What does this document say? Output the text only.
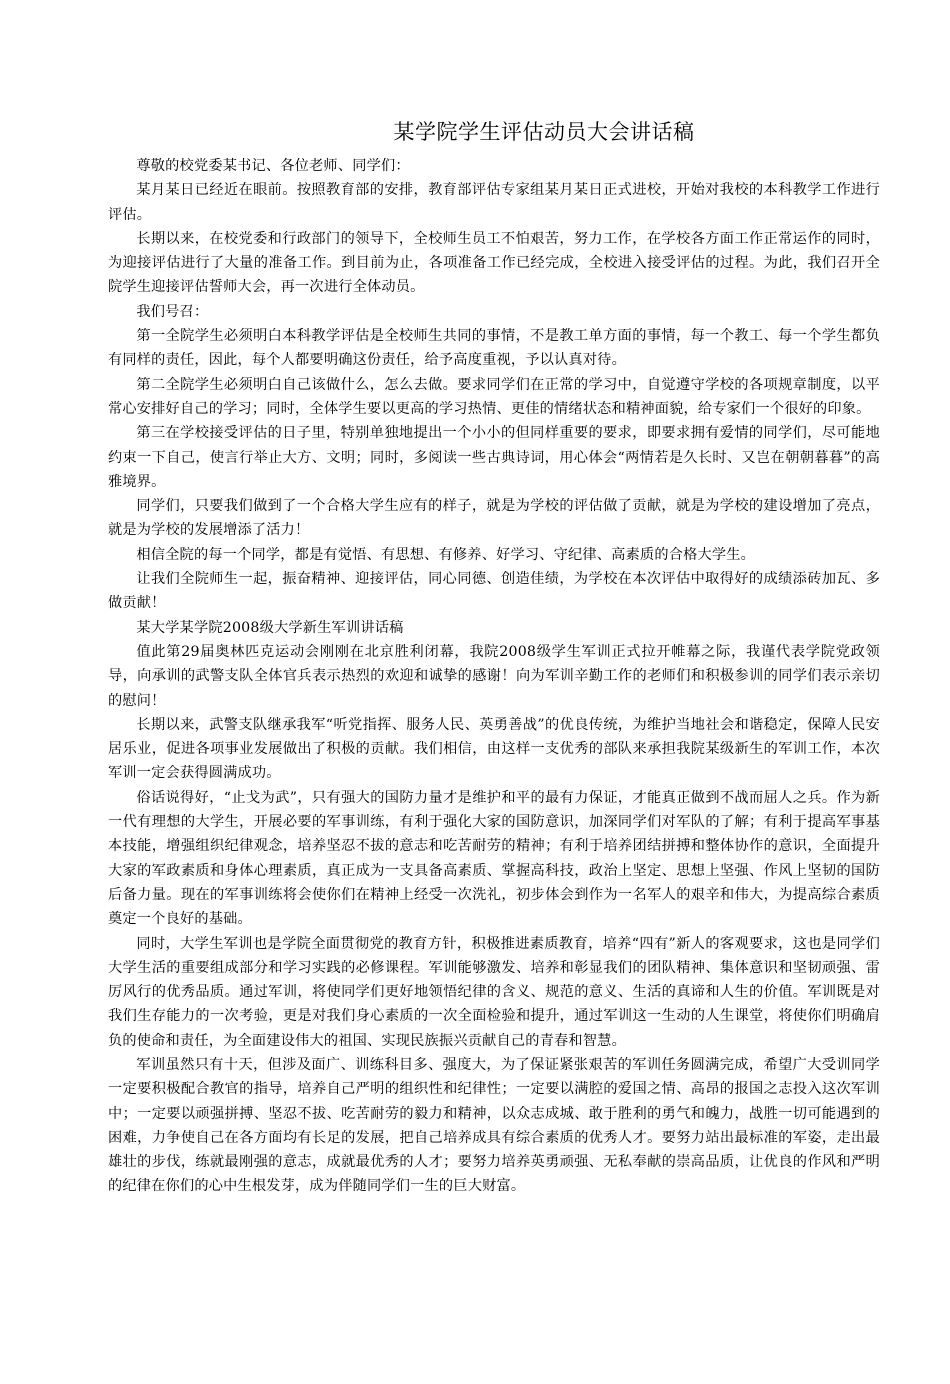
某学院学生评估动员大会讲话稿

尊敬的校党委某书记、各位老师、同学们：

某月某日已经近在眼前。按照教育部的安排，教育部评估专家组某月某日正式进校，开始对我校的本科教学工作进行评估。

长期以来，在校党委和行政部门的领导下，全校师生员工不怕艰苦，努力工作，在学校各方面工作正常运作的同时，为迎接评估进行了大量的准备工作。到目前为止，各项准备工作已经完成，全校进入接受评估的过程。为此，我们召开全院学生迎接评估誓师大会，再一次进行全体动员。

我们号召：

第一全院学生必须明白本科教学评估是全校师生共同的事情，不是教工单方面的事情，每一个教工、每一个学生都负有同样的责任，因此，每个人都要明确这份责任，给予高度重视，予以认真对待。

第二全院学生必须明白自己该做什么，怎么去做。要求同学们在正常的学习中，自觉遵守学校的各项规章制度，以平常心安排好自己的学习；同时，全体学生要以更高的学习热情、更佳的情绪状态和精神面貌，给专家们一个很好的印象。

第三在学校接受评估的日子里，特别单独地提出一个小小的但同样重要的要求，即要求拥有爱情的同学们，尽可能地约束一下自己，使言行举止大方、文明；同时，多阅读一些古典诗词，用心体会“两情若是久长时、又岂在朝朝暮暮”的高雅境界。

同学们，只要我们做到了一个合格大学生应有的样子，就是为学校的评估做了贡献，就是为学校的建设增加了亮点，就是为学校的发展增添了活力！

相信全院的每一个同学，都是有觉悟、有思想、有修养、好学习、守纪律、高素质的合格大学生。

让我们全院师生一起，振奋精神、迎接评估，同心同德、创造佳绩，为学校在本次评估中取得好的成绩添砖加瓦、多做贡献！

某大学某学院2008级大学新生军训讲话稿

值此第29届奥林匹克运动会刚刚在北京胜利闭幕，我院2008级学生军训正式拉开帷幕之际，我谨代表学院党政领导，向承训的武警支队全体官兵表示热烈的欢迎和诚挚的感谢！向为军训辛勤工作的老师们和积极参训的同学们表示亲切的慰问！

长期以来，武警支队继承我军“听党指挥、服务人民、英勇善战”的优良传统，为维护当地社会和谐稳定，保障人民安居乐业，促进各项事业发展做出了积极的贡献。我们相信，由这样一支优秀的部队来承担我院某级新生的军训工作，本次军训一定会获得圆满成功。

俗话说得好，“止戈为武”，只有强大的国防力量才是维护和平的最有力保证，才能真正做到不战而屈人之兵。作为新一代有理想的大学生，开展必要的军事训练，有利于强化大家的国防意识，加深同学们对军队的了解；有利于提高军事基本技能，增强组织纪律观念，培养坚忍不拔的意志和吃苦耐劳的精神；有利于培养团结拼搏和整体协作的意识，全面提升大家的军政素质和身体心理素质，真正成为一支具备高素质、掌握高科技，政治上坚定、思想上坚强、作风上坚韧的国防后备力量。现在的军事训练将会使你们在精神上经受一次洗礼，初步体会到作为一名军人的艰辛和伟大，为提高综合素质奠定一个良好的基础。

同时，大学生军训也是学院全面贯彻党的教育方针，积极推进素质教育，培养“四有”新人的客观要求，这也是同学们大学生活的重要组成部分和学习实践的必修课程。军训能够激发、培养和彰显我们的团队精神、集体意识和坚韧顽强、雷厉风行的优秀品质。通过军训，将使同学们更好地领悟纪律的含义、规范的意义、生活的真谛和人生的价值。军训既是对我们生存能力的一次考验，更是对我们身心素质的一次全面检验和提升，通过军训这一生动的人生课堂，将使你们明确肩负的使命和责任，为全面建设伟大的祖国、实现民族振兴贡献自己的青春和智慧。

军训虽然只有十天，但涉及面广、训练科目多、强度大，为了保证紧张艰苦的军训任务圆满完成，希望广大受训同学一定要积极配合教官的指导，培养自己严明的组织性和纪律性；一定要以满腔的爱国之情、高昂的报国之志投入这次军训中；一定要以顽强拼搏、坚忍不拔、吃苦耐劳的毅力和精神，以众志成城、敢于胜利的勇气和魄力，战胜一切可能遇到的困难，力争使自己在各方面均有长足的发展，把自己培养成具有综合素质的优秀人才。要努力站出最标准的军姿，走出最雄壮的步伐，练就最刚强的意志，成就最优秀的人才；要努力培养英勇顽强、无私奉献的崇高品质，让优良的作风和严明的纪律在你们的心中生根发芽，成为伴随同学们一生的巨大财富。
